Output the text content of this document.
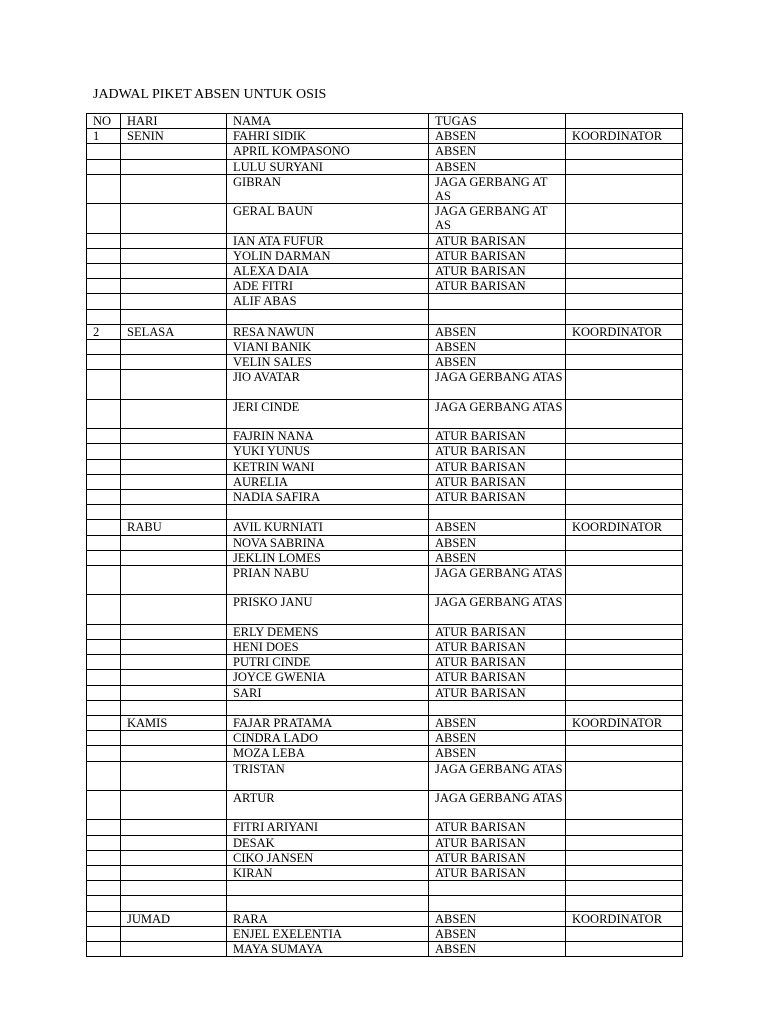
JADWAL PIKET ABSEN UNTUK OSIS
NO	HARI	NAMA	TUGAS	
1	SENIN	FAHRI SIDIK	ABSEN	KOORDINATOR
		APRIL KOMPASONO	ABSEN	
		LULU SURYANI	ABSEN	
		GIBRAN	JAGA GERBANG AT AS	
		GERAL BAUN	JAGA GERBANG AT AS	
		IAN ATA FUFUR	ATUR BARISAN	
		YOLIN DARMAN	ATUR BARISAN	
		ALEXA DAIA	ATUR BARISAN	
		ADE FITRI	ATUR BARISAN	
		ALIF ABAS		

2	SELASA	RESA NAWUN	ABSEN	KOORDINATOR
		VIANI BANIK	ABSEN	
		VELIN SALES	ABSEN	
		JIO AVATAR	JAGA GERBANG ATAS	
		JERI CINDE	JAGA GERBANG ATAS	
		FAJRIN NANA	ATUR BARISAN	
		YUKI YUNUS	ATUR BARISAN	
		KETRIN WANI	ATUR BARISAN	
		AURELIA	ATUR BARISAN	
		NADIA SAFIRA	ATUR BARISAN	

	RABU	AVIL KURNIATI	ABSEN	KOORDINATOR
		NOVA SABRINA	ABSEN	
		JEKLIN LOMES	ABSEN	
		PRIAN NABU	JAGA GERBANG ATAS	
		PRISKO JANU	JAGA GERBANG ATAS	
		ERLY DEMENS	ATUR BARISAN	
		HENI DOES	ATUR BARISAN	
		PUTRI CINDE	ATUR BARISAN	
		JOYCE GWENIA	ATUR BARISAN	
		SARI	ATUR BARISAN	

	KAMIS	FAJAR PRATAMA	ABSEN	KOORDINATOR
		CINDRA LADO	ABSEN	
		MOZA LEBA	ABSEN	
		TRISTAN	JAGA GERBANG ATAS	
		ARTUR	JAGA GERBANG ATAS	
		FITRI ARIYANI	ATUR BARISAN	
		DESAK	ATUR BARISAN	
		CIKO JANSEN	ATUR BARISAN	
		KIRAN	ATUR BARISAN	

	JUMAD	RARA	ABSEN	KOORDINATOR
		ENJEL EXELENTIA	ABSEN	
		MAYA SUMAYA	ABSEN	
